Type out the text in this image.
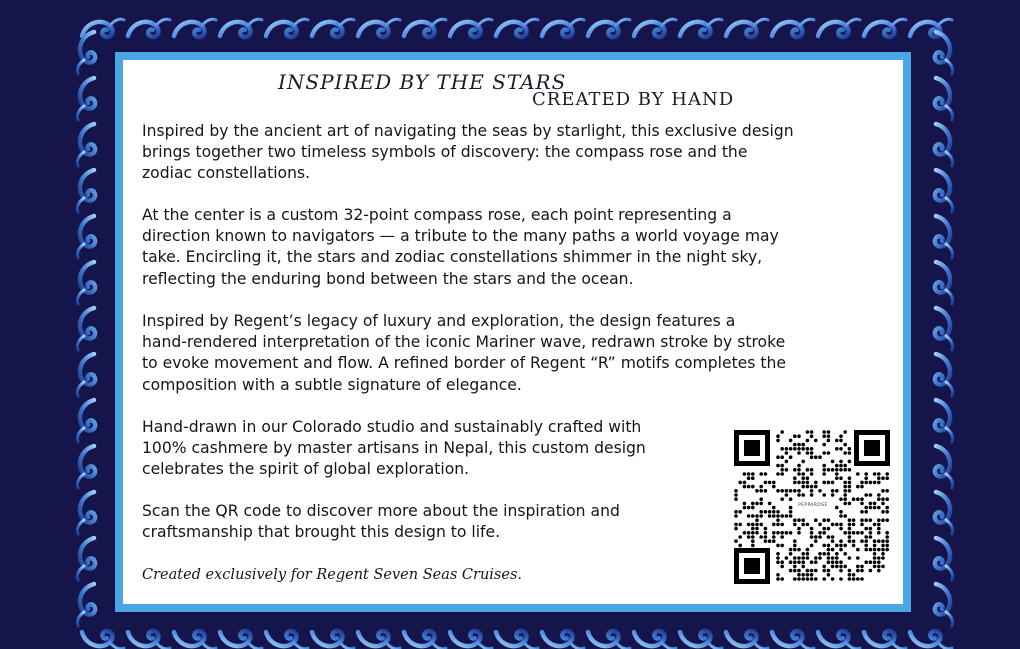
INSPIRED BY THE STARS
CREATED BY HAND

Inspired by the ancient art of navigating the seas by starlight, this exclusive design
brings together two timeless symbols of discovery: the compass rose and the
zodiac constellations.

At the center is a custom 32-point compass rose, each point representing a
direction known to navigators — a tribute to the many paths a world voyage may
take. Encircling it, the stars and zodiac constellations shimmer in the night sky,
reflecting the enduring bond between the stars and the ocean.

Inspired by Regent’s legacy of luxury and exploration, the design features a
hand-rendered interpretation of the iconic Mariner wave, redrawn stroke by stroke
to evoke movement and flow. A refined border of Regent “R” motifs completes the
composition with a subtle signature of elegance.

Hand-drawn in our Colorado studio and sustainably crafted with
100% cashmere by master artisans in Nepal, this custom design
celebrates the spirit of global exploration.

Scan the QR code to discover more about the inspiration and
craftsmanship that brought this design to life.

Created exclusively for Regent Seven Seas Cruises.

PEPPAROSE
